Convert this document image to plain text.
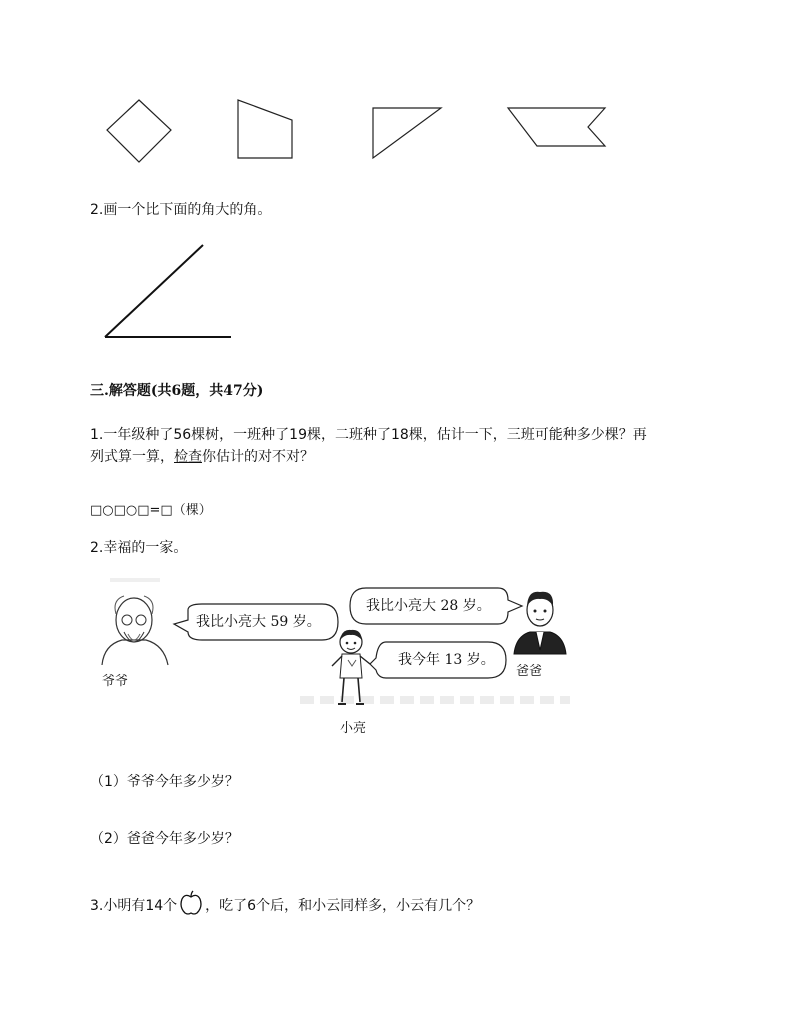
2.画一个比下面的角大的角。
三.解答题(共6题，共47分)
1.一年级种了56棵树，一班种了19棵，二班种了18棵，估计一下，三班可能种多少棵？再
列式算一算，检查你估计的对不对？
□○□○□=□（棵）
2.幸福的一家。
爷爷
我比小亮大 59 岁。
我比小亮大 28 岁。
爸爸
我今年 13 岁。
小亮
（1）爷爷今年多少岁？
（2）爸爸今年多少岁？
3.小明有14个 ，吃了6个后，和小云同样多，小云有几个？
